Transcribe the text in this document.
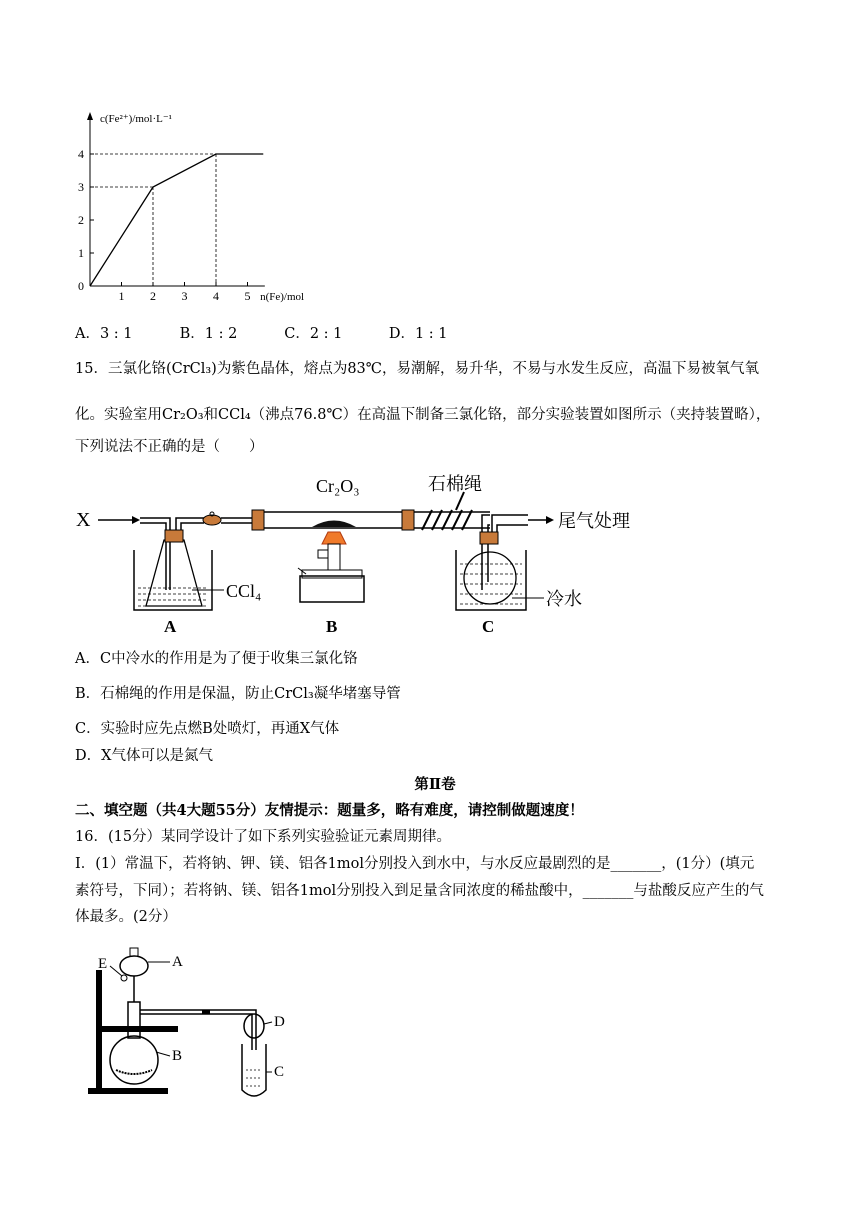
c(Fe²⁺)/mol·L⁻¹
n(Fe)/mol
0
1
2
3
4
1 2 3 4 5
A．3 : 1	B．1 : 2	C．2 : 1	D．1 : 1
15．三氯化铬(CrCl₃)为紫色晶体，熔点为83℃，易潮解，易升华，不易与水发生反应，高温下易被氧气氧
化。实验室用Cr₂O₃和CCl₄（沸点76.8℃）在高温下制备三氯化铬，部分实验装置如图所示（夹持装置略），
下列说法不正确的是（　　）
X
CCl₄
A
Cr₂O₃
B
石棉绳
冷水
C
尾气处理
A．C中冷水的作用是为了便于收集三氯化铬
B．石棉绳的作用是保温，防止CrCl₃凝华堵塞导管
C．实验时应先点燃B处喷灯，再通X气体
D．X气体可以是氮气
第Ⅱ卷
二、填空题（共4大题55分）友情提示：题量多，略有难度，请控制做题速度！
16．(15分）某同学设计了如下系列实验验证元素周期律。
Ⅰ．(1）常温下，若将钠、钾、镁、铝各1mol分别投入到水中，与水反应最剧烈的是_______，(1分）(填元
素符号，下同）；若将钠、镁、铝各1mol分别投入到足量含同浓度的稀盐酸中，_______与盐酸反应产生的气
体最多。(2分）
E	A
B
D
C
